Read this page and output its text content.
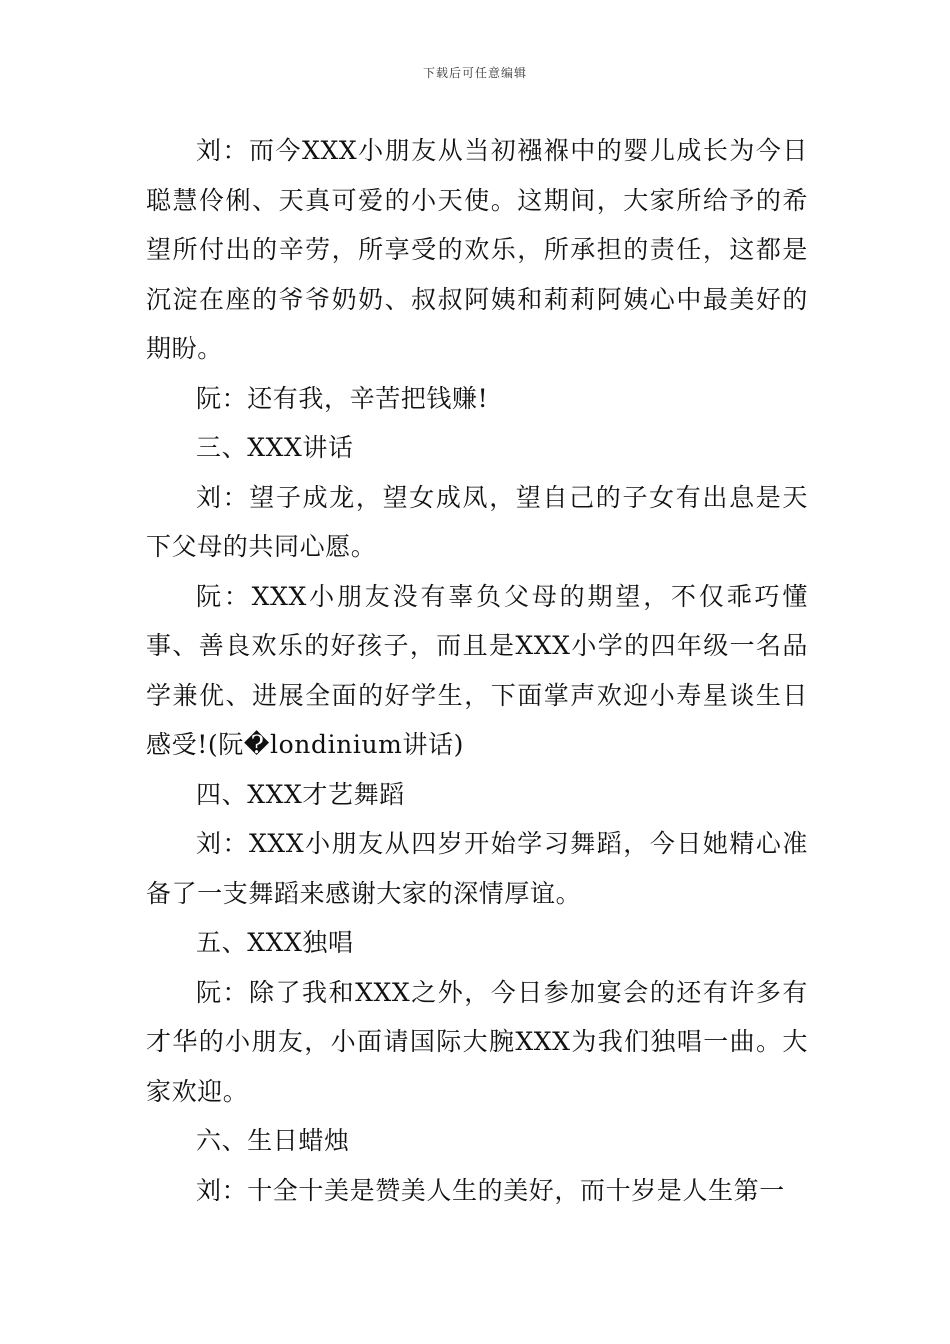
下载后可任意编辑

刘：而今XXX小朋友从当初襁褓中的婴儿成长为今日聪慧伶俐、天真可爱的小天使。这期间，大家所给予的希望所付出的辛劳，所享受的欢乐，所承担的责任，这都是沉淀在座的爷爷奶奶、叔叔阿姨和莉莉阿姨心中最美好的期盼。

阮：还有我，辛苦把钱赚!

三、XXX讲话

刘：望子成龙，望女成凤，望自己的子女有出息是天下父母的共同心愿。

阮：XXX小朋友没有辜负父母的期望，不仅乖巧懂事、善良欢乐的好孩子，而且是XXX小学的四年级一名品学兼优、进展全面的好学生，下面掌声欢迎小寿星谈生日感受!(阮�londinium讲话)

四、XXX才艺舞蹈

刘：XXX小朋友从四岁开始学习舞蹈，今日她精心准备了一支舞蹈来感谢大家的深情厚谊。

五、XXX独唱

阮：除了我和XXX之外，今日参加宴会的还有许多有才华的小朋友，小面请国际大腕XXX为我们独唱一曲。大家欢迎。

六、生日蜡烛

刘：十全十美是赞美人生的美好，而十岁是人生第一
